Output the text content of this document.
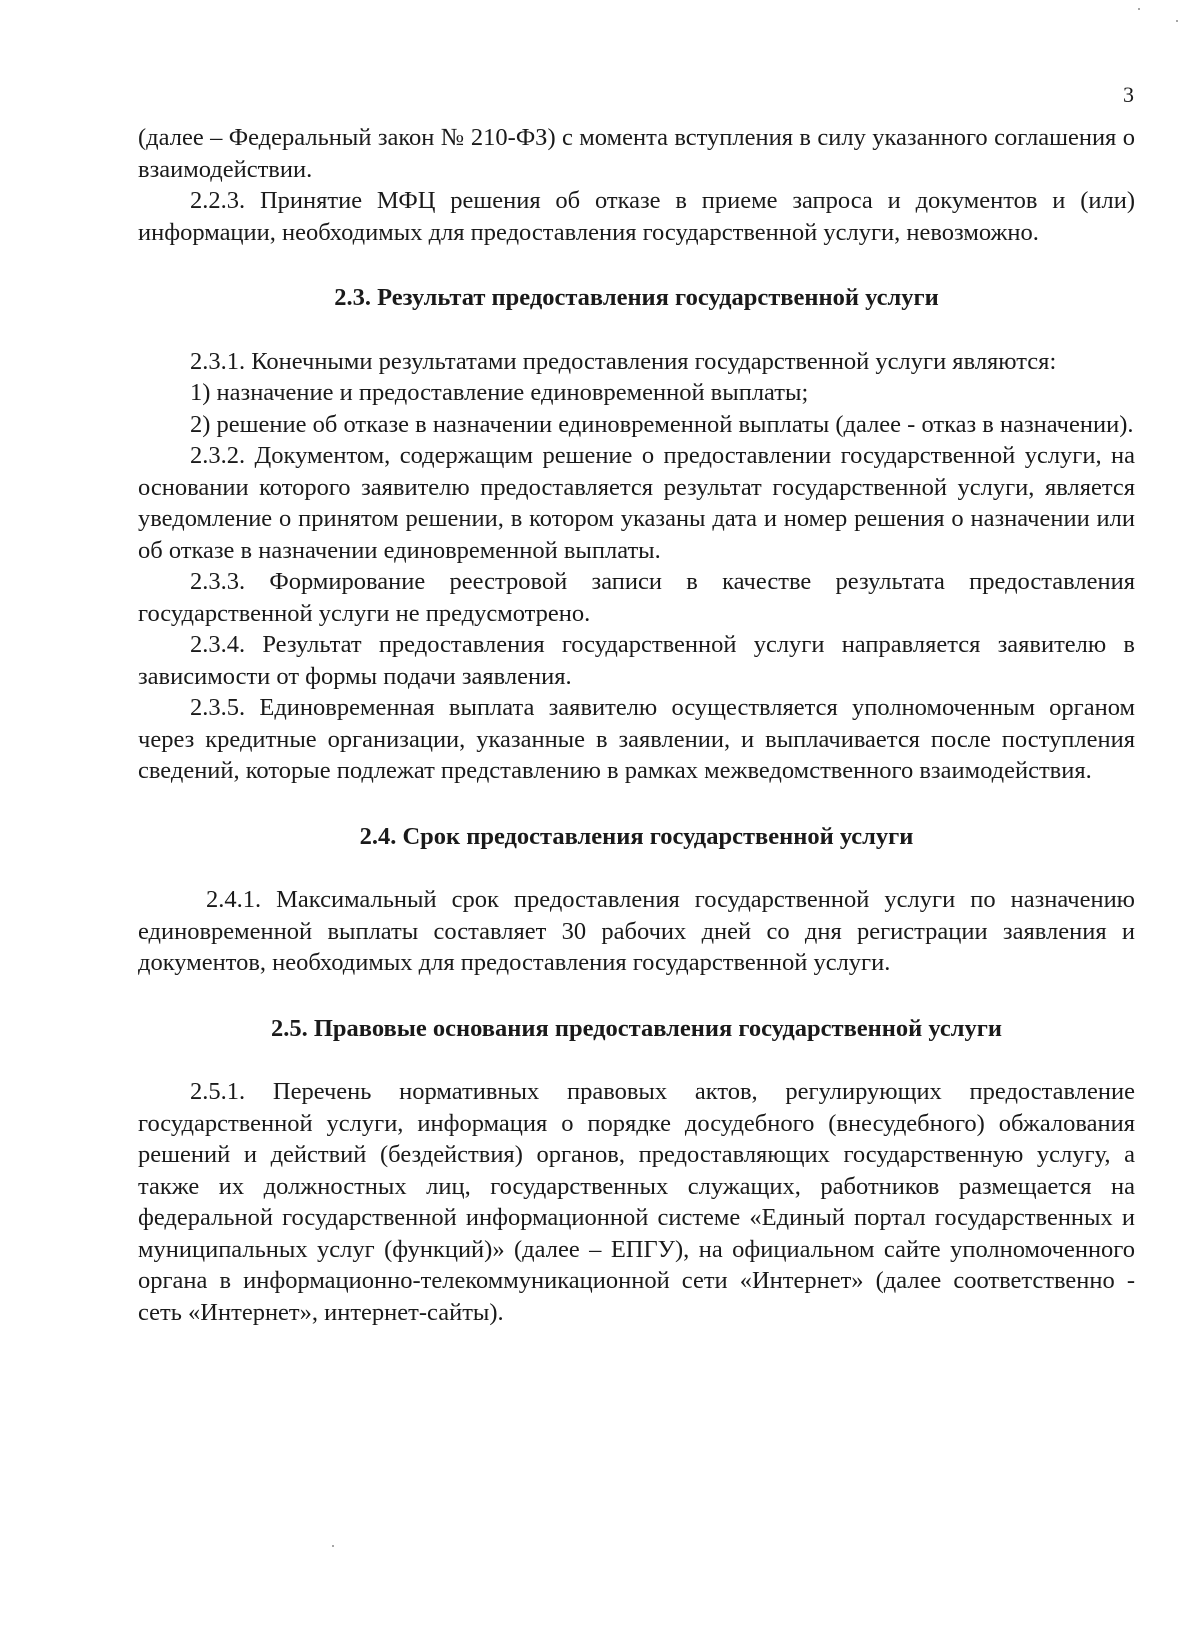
3

(далее – Федеральный закон № 210-ФЗ) с момента вступления в силу указанного соглашения о взаимодействии.

2.2.3. Принятие МФЦ решения об отказе в приеме запроса и документов и (или) информации, необходимых для предоставления государственной услуги, невозможно.

2.3. Результат предоставления государственной услуги

2.3.1. Конечными результатами предоставления государственной услуги являются:

1) назначение и предоставление единовременной выплаты;

2) решение об отказе в назначении единовременной выплаты (далее - отказ в назначении).

2.3.2. Документом, содержащим решение о предоставлении государственной услуги, на основании которого заявителю предоставляется результат государственной услуги, является уведомление о принятом решении, в котором указаны дата и номер решения о назначении или об отказе в назначении единовременной выплаты.

2.3.3. Формирование реестровой записи в качестве результата предоставления государственной услуги не предусмотрено.

2.3.4. Результат предоставления государственной услуги направляется заявителю в зависимости от формы подачи заявления.

2.3.5. Единовременная выплата заявителю осуществляется уполномоченным органом через кредитные организации, указанные в заявлении, и выплачивается после поступления сведений, которые подлежат представлению в рамках межведомственного взаимодействия.

2.4. Срок предоставления государственной услуги

2.4.1. Максимальный срок предоставления государственной услуги по назначению единовременной выплаты составляет 30 рабочих дней со дня регистрации заявления и документов, необходимых для предоставления государственной услуги.

2.5. Правовые основания предоставления государственной услуги

2.5.1. Перечень нормативных правовых актов, регулирующих предоставление государственной услуги, информация о порядке досудебного (внесудебного) обжалования решений и действий (бездействия) органов, предоставляющих государственную услугу, а также их должностных лиц, государственных служащих, работников размещается на федеральной государственной информационной системе «Единый портал государственных и муниципальных услуг (функций)» (далее – ЕПГУ), на официальном сайте уполномоченного органа в информационно-телекоммуникационной сети «Интернет» (далее соответственно - сеть «Интернет», интернет-сайты).
